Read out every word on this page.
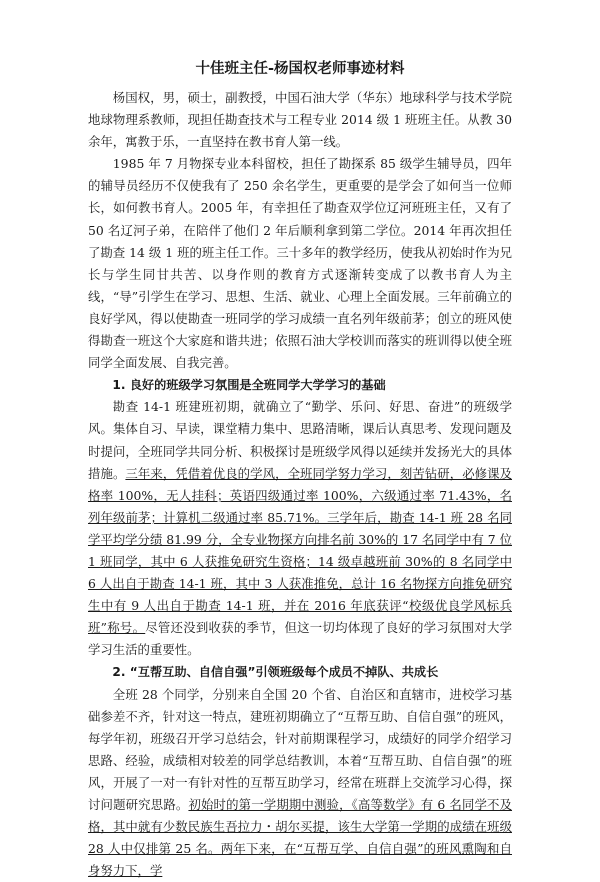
十佳班主任-杨国权老师事迹材料

杨国权，男，硕士，副教授，中国石油大学（华东）地球科学与技术学院地球物理系教师，现担任勘查技术与工程专业 2014 级 1 班班主任。从教 30 余年，寓教于乐，一直坚持在教书育人第一线。

1985 年 7 月物探专业本科留校，担任了勘探系 85 级学生辅导员，四年的辅导员经历不仅使我有了 250 余名学生，更重要的是学会了如何当一位师长，如何教书育人。2005 年，有幸担任了勘查双学位辽河班班主任，又有了 50 名辽河子弟，在陪伴了他们 2 年后顺利拿到第二学位。2014 年再次担任了勘查 14 级 1 班的班主任工作。三十多年的教学经历，使我从初始时作为兄长与学生同甘共苦、以身作则的教育方式逐渐转变成了以教书育人为主线，“导”引学生在学习、思想、生活、就业、心理上全面发展。三年前确立的良好学风，得以使勘查一班同学的学习成绩一直名列年级前茅；创立的班风使得勘查一班这个大家庭和谐共进；依照石油大学校训而落实的班训得以使全班同学全面发展、自我完善。

1. 良好的班级学习氛围是全班同学大学学习的基础

勘查 14-1 班建班初期，就确立了“勤学、乐问、好思、奋进”的班级学风。集体自习、早读，课堂精力集中、思路清晰，课后认真思考、发现问题及时提问，全班同学共同分析、积极探讨是班级学风得以延续并发扬光大的具体措施。三年来，凭借着优良的学风，全班同学努力学习，刻苦钻研，必修课及格率 100%，无人挂科；英语四级通过率 100%，六级通过率 71.43%，名列年级前茅；计算机二级通过率 85.71%。三学年后，勘查 14-1 班 28 名同学平均学分绩 81.99 分，全专业物探方向排名前 30%的 17 名同学中有 7 位 1 班同学，其中 6 人获推免研究生资格；14 级卓越班前 30%的 8 名同学中 6 人出自于勘查 14-1 班，其中 3 人获准推免，总计 16 名物探方向推免研究生中有 9 人出自于勘查 14-1 班，并在 2016 年底获评“校级优良学风标兵班”称号。尽管还没到收获的季节，但这一切均体现了良好的学习氛围对大学学习生活的重要性。

2. “互帮互助、自信自强”引领班级每个成员不掉队、共成长

全班 28 个同学，分别来自全国 20 个省、自治区和直辖市，进校学习基础参差不齐，针对这一特点，建班初期确立了“互帮互助、自信自强”的班风，每学年初，班级召开学习总结会，针对前期课程学习，成绩好的同学介绍学习思路、经验，成绩相对较差的同学总结教训，本着“互帮互助、自信自强”的班风，开展了一对一有针对性的互帮互助学习，经常在班群上交流学习心得，探讨问题研究思路。初始时的第一学期期中测验，《高等数学》有 6 名同学不及格，其中就有少数民族生吾拉力・胡尔买提，该生大学第一学期的成绩在班级 28 人中仅排第 25 名。两年下来，在“互帮互学、自信自强”的班风熏陶和自身努力下，学
